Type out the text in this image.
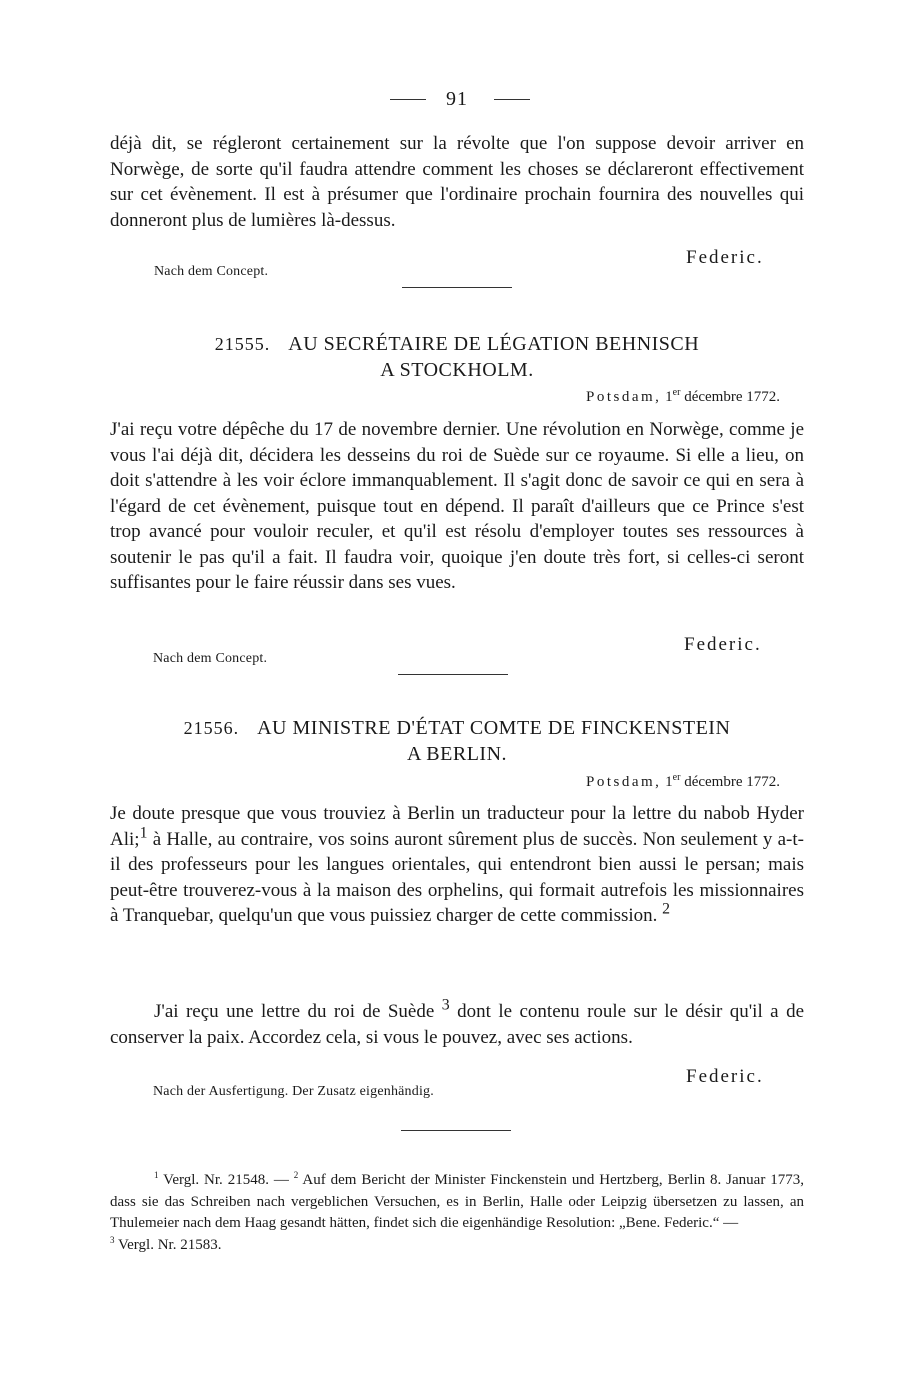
91

déjà dit, se régleront certainement sur la révolte que l'on suppose devoir arriver en Norwège, de sorte qu'il faudra attendre comment les choses se déclareront effectivement sur cet évènement. Il est à présumer que l'ordinaire prochain fournira des nouvelles qui donneront plus de lumières là-dessus.

Federic.
Nach dem Concept.
21555. AU SECRÉTAIRE DE LÉGATION BEHNISCH
A STOCKHOLM.
Potsdam, 1er décembre 1772.

J'ai reçu votre dépêche du 17 de novembre dernier. Une révolution en Norwège, comme je vous l'ai déjà dit, décidera les desseins du roi de Suède sur ce royaume. Si elle a lieu, on doit s'attendre à les voir éclore immanquablement. Il s'agit donc de savoir ce qui en sera à l'égard de cet évènement, puisque tout en dépend. Il paraît d'ailleurs que ce Prince s'est trop avancé pour vouloir reculer, et qu'il est résolu d'employer toutes ses ressources à soutenir le pas qu'il a fait. Il faudra voir, quoique j'en doute très fort, si celles-ci seront suffisantes pour le faire réussir dans ses vues.

Federic.
Nach dem Concept.
21556. AU MINISTRE D'ÉTAT COMTE DE FINCKENSTEIN
A BERLIN.
Potsdam, 1er décembre 1772.

Je doute presque que vous trouviez à Berlin un traducteur pour la lettre du nabob Hyder Ali;$^1$ à Halle, au contraire, vos soins auront sûrement plus de succès. Non seulement y a-t-il des professeurs pour les langues orientales, qui entendront bien aussi le persan; mais peut-être trouverez-vous à la maison des orphelins, qui formait autrefois les missionnaires à Tranquebar, quelqu'un que vous puissiez charger de cette commission. $^2$

J'ai reçu une lettre du roi de Suède $^3$ dont le contenu roule sur le désir qu'il a de conserver la paix. Accordez cela, si vous le pouvez, avec ses actions.

Federic.
Nach der Ausfertigung. Der Zusatz eigenhändig.
$^1$ Vergl. Nr. 21548. — $^2$ Auf dem Bericht der Minister Finckenstein und Hertzberg, Berlin 8. Januar 1773, dass sie das Schreiben nach vergeblichen Versuchen, es in Berlin, Halle oder Leipzig übersetzen zu lassen, an Thulemeier nach dem Haag gesandt hätten, findet sich die eigenhändige Resolution: „Bene. Federic.“ —
$^3$ Vergl. Nr. 21583.
